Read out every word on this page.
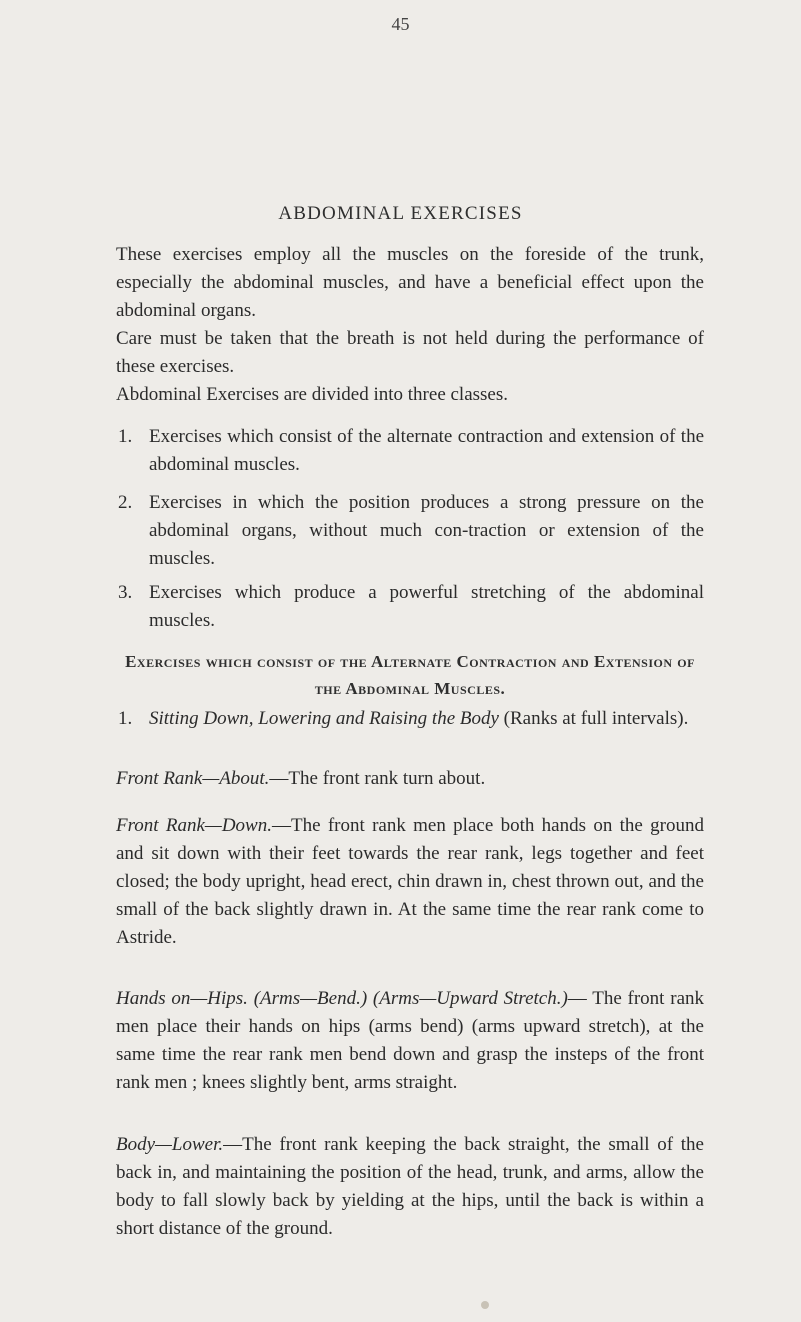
45
ABDOMINAL EXERCISES

These exercises employ all the muscles on the foreside of the trunk, especially the abdominal muscles, and have a beneficial effect upon the abdominal organs.

Care must be taken that the breath is not held during the performance of these exercises.

Abdominal Exercises are divided into three classes.

1. Exercises which consist of the alternate contraction and extension of the abdominal muscles.
2. Exercises in which the position produces a strong pressure on the abdominal organs, without much con-traction or extension of the muscles.
3. Exercises which produce a powerful stretching of the abdominal muscles.
Exercises which consist of the Alternate Contraction and Extension of the Abdominal Muscles.
1. Sitting Down, Lowering and Raising the Body (Ranks at full intervals).

Front Rank—About.—The front rank turn about.

Front Rank—Down.—The front rank men place both hands on the ground and sit down with their feet towards the rear rank, legs together and feet closed; the body upright, head erect, chin drawn in, chest thrown out, and the small of the back slightly drawn in. At the same time the rear rank come to Astride.

Hands on—Hips. (Arms—Bend.) (Arms—Upward Stretch.)— The front rank men place their hands on hips (arms bend) (arms upward stretch), at the same time the rear rank men bend down and grasp the insteps of the front rank men ; knees slightly bent, arms straight.

Body—Lower.—The front rank keeping the back straight, the small of the back in, and maintaining the position of the head, trunk, and arms, allow the body to fall slowly back by yielding at the hips, until the back is within a short distance of the ground.
